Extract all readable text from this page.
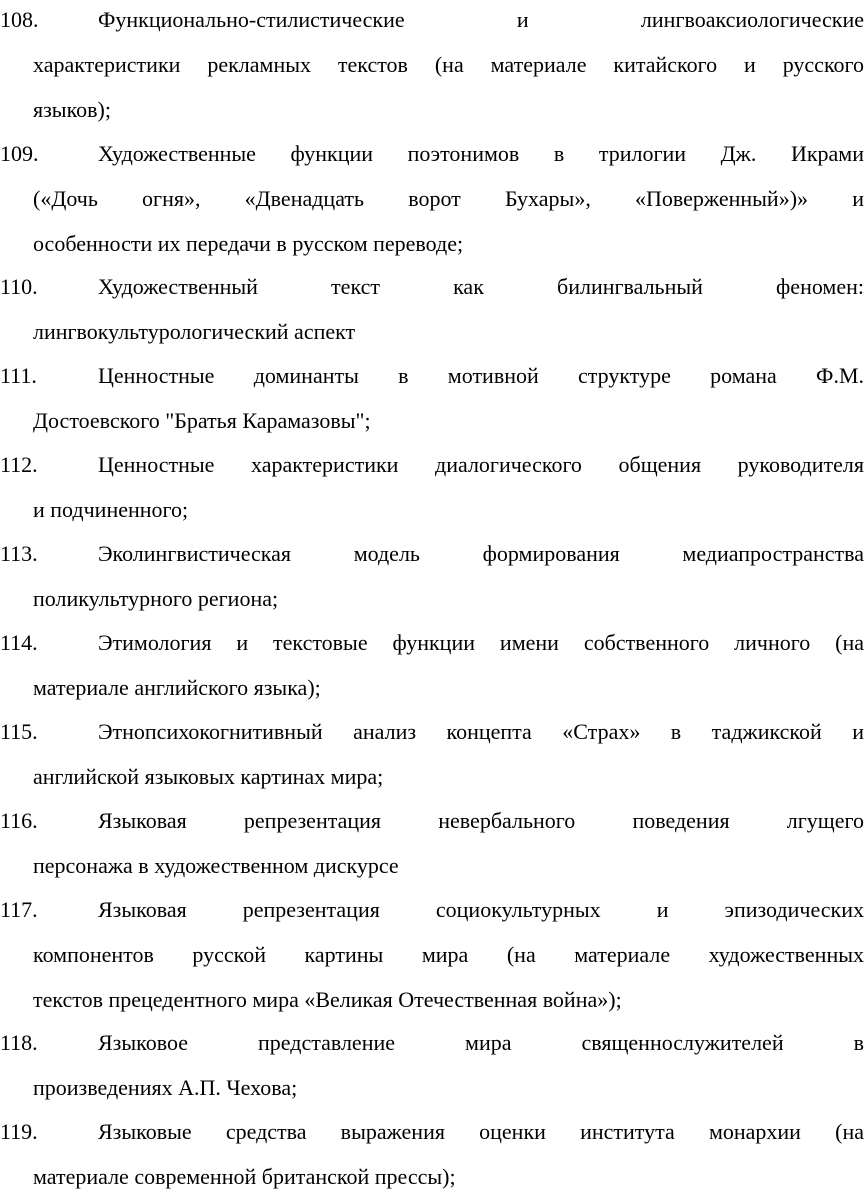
108.	Функционально-стилистические и лингвоаксиологические
характеристики рекламных текстов (на материале китайского и русского
языков);
109.	Художественные функции поэтонимов в трилогии Дж. Икрами
(«Дочь огня», «Двенадцать ворот Бухары», «Поверженный»)» и
особенности их передачи в русском переводе;
110.	Художественный текст как билингвальный феномен:
лингвокультурологический аспект
111.	Ценностные доминанты в мотивной структуре романа Ф.М.
Достоевского "Братья Карамазовы";
112.	Ценностные характеристики диалогического общения руководителя
и подчиненного;
113.	Эколингвистическая модель формирования медиапространства
поликультурного региона;
114.	Этимология и текстовые функции имени собственного личного (на
материале английского языка);
115.	Этнопсихокогнитивный анализ концепта «Страх» в таджикской и
английской языковых картинах мира;
116.	Языковая репрезентация невербального поведения лгущего
персонажа в художественном дискурсе
117.	Языковая репрезентация социокультурных и эпизодических
компонентов русской картины мира (на материале художественных
текстов прецедентного мира «Великая Отечественная война»);
118.	Языковое представление мира священнослужителей в
произведениях А.П. Чехова;
119.	Языковые средства выражения оценки института монархии (на
материале современной британской прессы);
